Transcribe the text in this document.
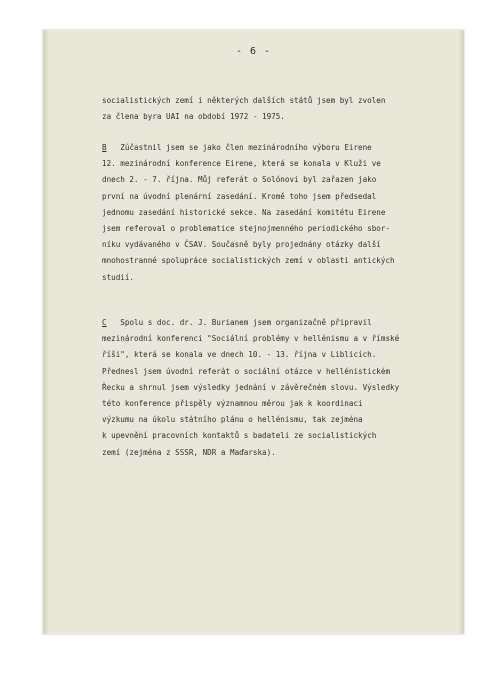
- 6 -
socialistických zemí i některých dalších států jsem byl zvolen
za člena byra UAI na období 1972 - 1975.
B Zúčastnil jsem se jako člen mezinárodního výboru Eirene
12. mezinárodní konference Eirene, která se konala v Kluži ve
dnech 2. - 7. října. Můj referát o Solónovi byl zařazen jako
první na úvodní plenární zasedání. Kromě toho jsem předsedal
jednomu zasedání historické sekce. Na zasedání komitétu Eirene
jsem referoval o problematice stejnojmenného periodického sbor-
níku vydávaného v ČSAV. Současně byly projednány otázky další
mnohostranné spolupráce socialistických zemí v oblasti antických
studií.
C Spolu s doc. dr. J. Burianem jsem organizačně připravil
mezinárodní konferenci "Sociální problémy v hellénismu a v římské
říši", která se konala ve dnech 10. - 13. října v Liblicích.
Přednesl jsem úvodní referát o sociální otázce v hellénistickém
Řecku a shrnul jsem výsledky jednání v závěrečném slovu. Výsledky
této konference přispěly významnou měrou jak k koordinaci
výzkumu na úkolu státního plánu o hellénismu, tak zejména
k upevnění pracovních kontaktů s badateli ze socialistických
zemí (zejména z SSSR, NDR a Maďarska).
